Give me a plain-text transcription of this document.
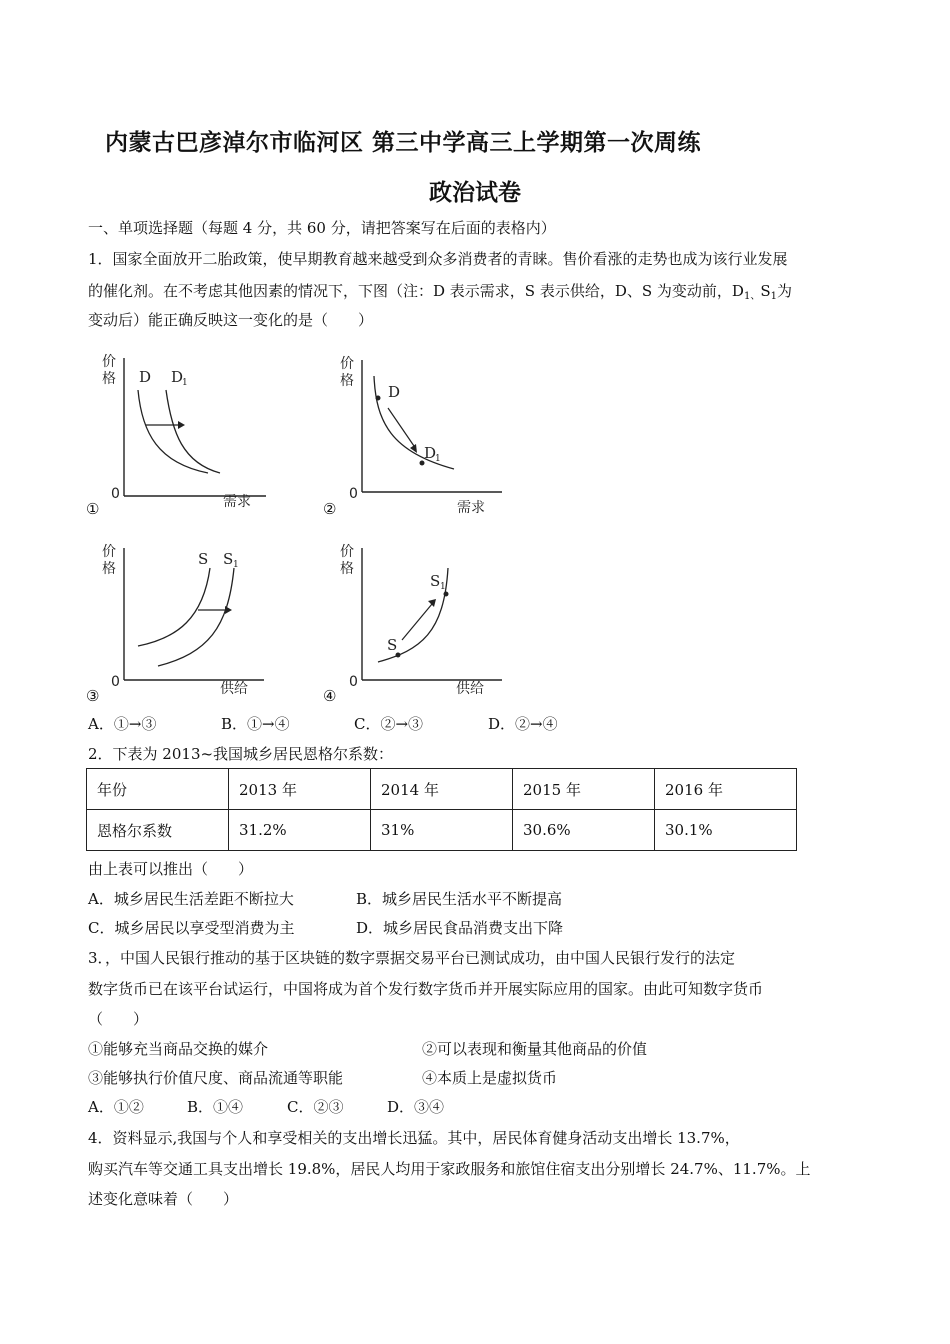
内蒙古巴彦淖尔市临河区 第三中学高三上学期第一次周练
政治试卷
一、单项选择题（每题 4 分，共 60 分，请把答案写在后面的表格内）
1．国家全面放开二胎政策，使早期教育越来越受到众多消费者的青睐。售价看涨的走势也成为该行业发展
的催化剂。在不考虑其他因素的情况下，下图（注：D 表示需求，S 表示供给，D、S 为变动前，$D_{1、}S_1$为
变动后）能正确反映这一变化的是（　　）
价
格
0
D D
1
需求
①
价
格
0
D
D
1
需求
②
价
格
0
S S 1
供给
③
价
格
0
S
S 1
供给
④
A．①→③	B．①→④	C．②→③	D．②→④
2．下表为 2013~我国城乡居民恩格尔系数：
年份	2013 年	2014 年	2015 年	2016 年
恩格尔系数	31.2%	31%	30.6%	30.1%
由上表可以推出（　　）
A．城乡居民生活差距不断拉大	B．城乡居民生活水平不断提高
C．城乡居民以享受型消费为主	D．城乡居民食品消费支出下降
3．，中国人民银行推动的基于区块链的数字票据交易平台已测试成功，由中国人民银行发行的法定
数字货币已在该平台试运行，中国将成为首个发行数字货币并开展实际应用的国家。由此可知数字货币
（　　）
①能够充当商品交换的媒介	②可以表现和衡量其他商品的价值
③能够执行价值尺度、商品流通等职能	④本质上是虚拟货币
A．①②	B．①④	C．②③	D．③④
4．资料显示,我国与个人和享受相关的支出增长迅猛。其中，居民体育健身活动支出增长 13.7%，
购买汽车等交通工具支出增长 19.8%，居民人均用于家政服务和旅馆住宿支出分别增长 24.7%、11.7%。上
述变化意味着（　　）
